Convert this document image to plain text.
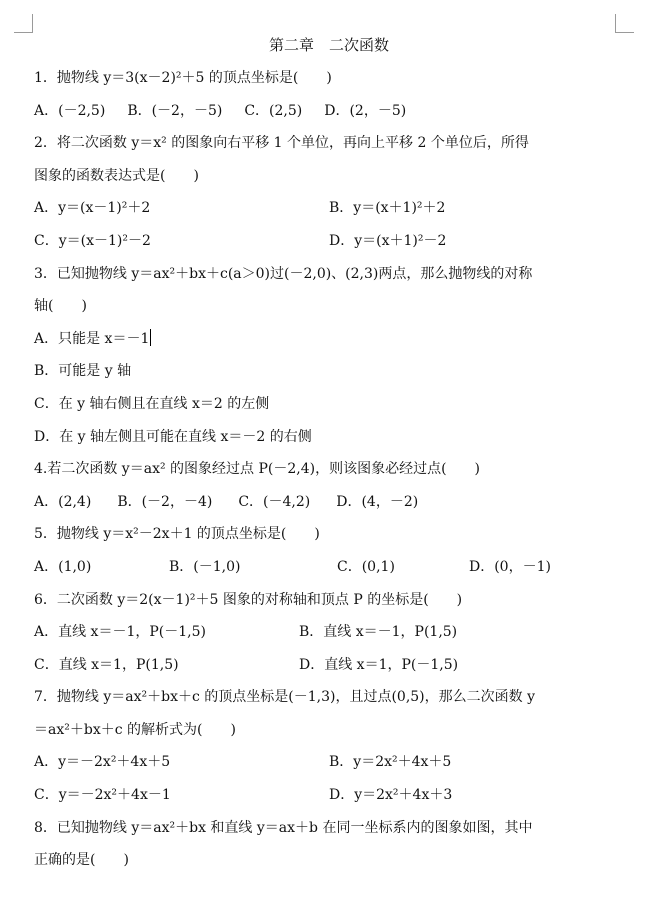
第二章　二次函数
1．抛物线 y＝3(x－2)²＋5 的顶点坐标是(　　)
A．(－2,5) B．(－2，－5) C．(2,5) D．(2，－5)
2．将二次函数 y＝x² 的图象向右平移 1 个单位，再向上平移 2 个单位后，所得
图象的函数表达式是(　　)
A．y＝(x－1)²＋2	B．y＝(x＋1)²＋2
C．y＝(x－1)²－2	D．y＝(x＋1)²－2
3．已知抛物线 y＝ax²＋bx＋c(a＞0)过(－2,0)、(2,3)两点，那么抛物线的对称
轴(　　)
A．只能是 x＝－1
B．可能是 y 轴
C．在 y 轴右侧且在直线 x＝2 的左侧
D．在 y 轴左侧且可能在直线 x＝－2 的右侧
4.若二次函数 y＝ax² 的图象经过点 P(－2,4)，则该图象必经过点(　　)
A．(2,4) B．(－2，－4) C．(－4,2) D．(4，－2)
5．抛物线 y＝x²－2x＋1 的顶点坐标是(　　)
A．(1,0)	B．(－1,0)	C．(0,1)	D．(0，－1)
6．二次函数 y＝2(x－1)²＋5 图象的对称轴和顶点 P 的坐标是(　　)
A．直线 x＝－1，P(－1,5)	B．直线 x＝－1，P(1,5)
C．直线 x＝1，P(1,5)	D．直线 x＝1，P(－1,5)
7．抛物线 y＝ax²＋bx＋c 的顶点坐标是(－1,3)，且过点(0,5)，那么二次函数 y
＝ax²＋bx＋c 的解析式为(　　)
A．y＝－2x²＋4x＋5	B．y＝2x²＋4x＋5
C．y＝－2x²＋4x－1	D．y＝2x²＋4x＋3
8．已知抛物线 y＝ax²＋bx 和直线 y＝ax＋b 在同一坐标系内的图象如图，其中
正确的是(　　)
